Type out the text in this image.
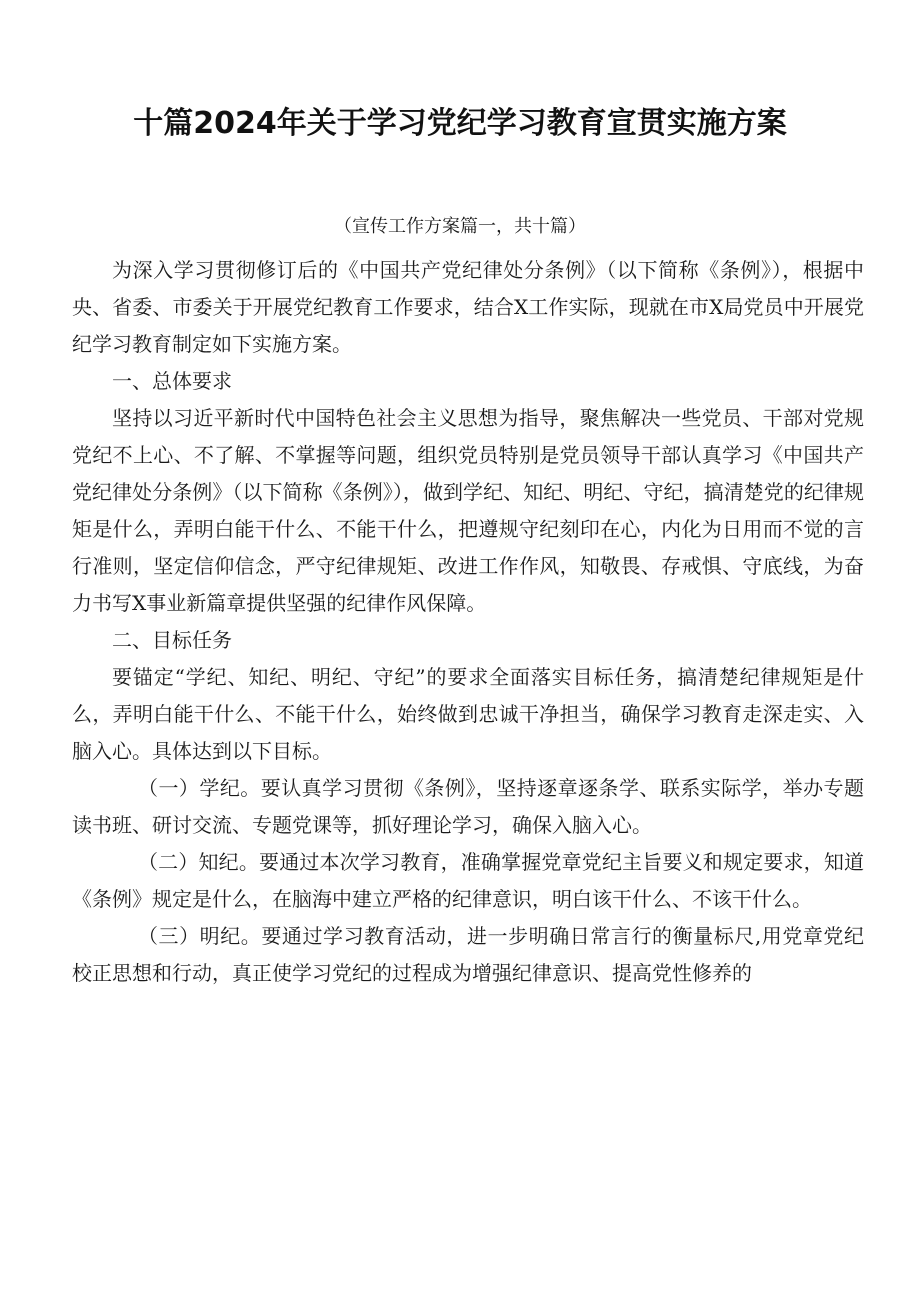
十篇2024年关于学习党纪学习教育宣贯实施方案
（宣传工作方案篇一，共十篇）

为深入学习贯彻修订后的《中国共产党纪律处分条例》（以下简称《条例》），根据中央、省委、市委关于开展党纪教育工作要求，结合X工作实际，现就在市X局党员中开展党纪学习教育制定如下实施方案。

一、总体要求

坚持以习近平新时代中国特色社会主义思想为指导，聚焦解决一些党员、干部对党规党纪不上心、不了解、不掌握等问题，组织党员特别是党员领导干部认真学习《中国共产党纪律处分条例》（以下简称《条例》），做到学纪、知纪、明纪、守纪，搞清楚党的纪律规矩是什么，弄明白能干什么、不能干什么，把遵规守纪刻印在心，内化为日用而不觉的言行准则，坚定信仰信念，严守纪律规矩、改进工作作风，知敬畏、存戒惧、守底线，为奋力书写X事业新篇章提供坚强的纪律作风保障。

二、目标任务

要锚定“学纪、知纪、明纪、守纪”的要求全面落实目标任务，搞清楚纪律规矩是什么，弄明白能干什么、不能干什么，始终做到忠诚干净担当，确保学习教育走深走实、入脑入心。具体达到以下目标。

（一）学纪。要认真学习贯彻《条例》，坚持逐章逐条学、联系实际学，举办专题读书班、研讨交流、专题党课等，抓好理论学习，确保入脑入心。

（二）知纪。要通过本次学习教育，准确掌握党章党纪主旨要义和规定要求，知道《条例》规定是什么，在脑海中建立严格的纪律意识，明白该干什么、不该干什么。

（三）明纪。要通过学习教育活动，进一步明确日常言行的衡量标尺,用党章党纪校正思想和行动，真正使学习党纪的过程成为增强纪律意识、提高党性修养的
